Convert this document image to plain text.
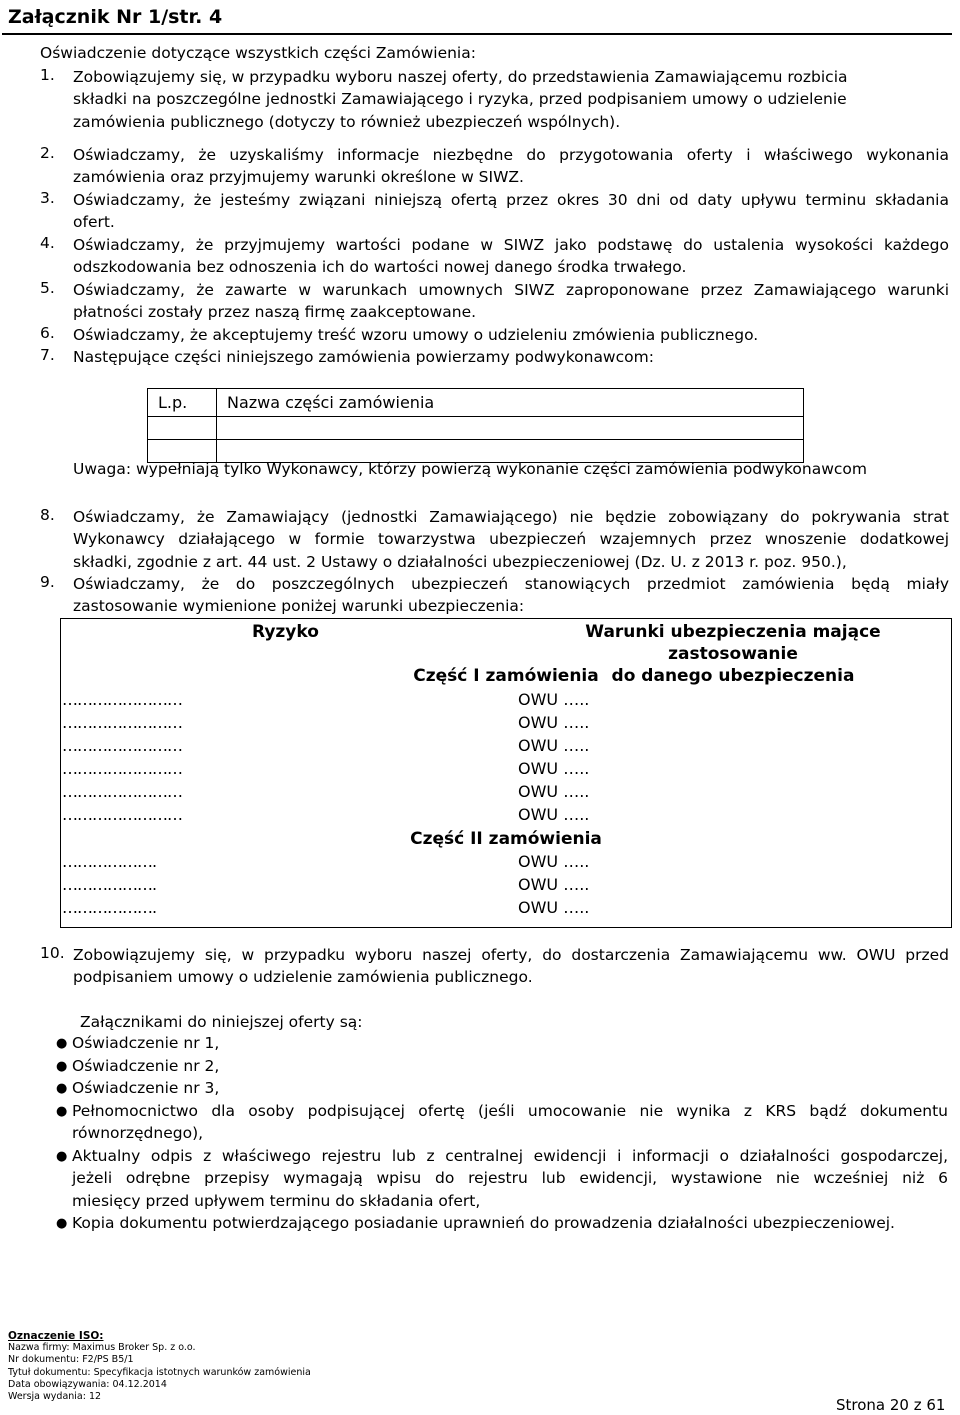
Załącznik Nr 1/str. 4
Oświadczenie dotyczące wszystkich części Zamówienia:
1.	Zobowiązujemy się, w przypadku wyboru naszej oferty, do przedstawienia Zamawiającemu rozbicia
składki na poszczególne jednostki Zamawiającego i ryzyka, przed podpisaniem umowy o udzielenie
zamówienia publicznego (dotyczy to również ubezpieczeń wspólnych).
2.	Oświadczamy, że uzyskaliśmy informacje niezbędne do przygotowania oferty i właściwego wykonania
zamówienia oraz przyjmujemy warunki określone w SIWZ.
3.	Oświadczamy, że jesteśmy związani niniejszą ofertą przez okres 30 dni od daty upływu terminu składania
ofert.
4.	Oświadczamy, że przyjmujemy wartości podane w SIWZ jako podstawę do ustalenia wysokości każdego
odszkodowania bez odnoszenia ich do wartości nowej danego środka trwałego.
5.	Oświadczamy, że zawarte w warunkach umownych SIWZ zaproponowane przez Zamawiającego warunki
płatności zostały przez naszą firmę zaakceptowane.
6.	Oświadczamy, że akceptujemy treść wzoru umowy o udzieleniu zmówienia publicznego.
7.	Następujące części niniejszego zamówienia powierzamy podwykonawcom:
L.p.	Nazwa części zamówienia

Uwaga: wypełniają tylko Wykonawcy, którzy powierzą wykonanie części zamówienia podwykonawcom
8.	Oświadczamy, że Zamawiający (jednostki Zamawiającego) nie będzie zobowiązany do pokrywania strat
Wykonawcy działającego w formie towarzystwa ubezpieczeń wzajemnych przez wnoszenie dodatkowej
składki, zgodnie z art. 44 ust. 2 Ustawy o działalności ubezpieczeniowej (Dz. U. z 2013 r. poz. 950.),
9.	Oświadczamy, że do poszczególnych ubezpieczeń stanowiących przedmiot zamówienia będą miały
zastosowanie wymienione poniżej warunki ubezpieczenia:
Ryzyko	Warunki ubezpieczenia mające zastosowanie
do danego ubezpieczenia
Część I zamówienia
……………………	OWU …..
……………………	OWU …..
……………………	OWU …..
……………………	OWU …..
……………………	OWU …..
……………………	OWU …..
Część II zamówienia
……………….	OWU …..
……………….	OWU …..
……………….	OWU …..
10. Zobowiązujemy się, w przypadku wyboru naszej oferty, do dostarczenia Zamawiającemu ww. OWU przed
podpisaniem umowy o udzielenie zamówienia publicznego.
Załącznikami do niniejszej oferty są:
● Oświadczenie nr 1,
● Oświadczenie nr 2,
● Oświadczenie nr 3,
● Pełnomocnictwo dla osoby podpisującej ofertę (jeśli umocowanie nie wynika z KRS bądź dokumentu
równorzędnego),
● Aktualny odpis z właściwego rejestru lub z centralnej ewidencji i informacji o działalności gospodarczej,
jeżeli odrębne przepisy wymagają wpisu do rejestru lub ewidencji, wystawione nie wcześniej niż 6
miesięcy przed upływem terminu do składania ofert,
● Kopia dokumentu potwierdzającego posiadanie uprawnień do prowadzenia działalności ubezpieczeniowej.
Oznaczenie ISO:
Nazwa firmy: Maximus Broker Sp. z o.o.
Nr dokumentu: F2/PS B5/1
Tytuł dokumentu: Specyfikacja istotnych warunków zamówienia
Data obowiązywania: 04.12.2014
Wersja wydania: 12	Strona 20 z 61
